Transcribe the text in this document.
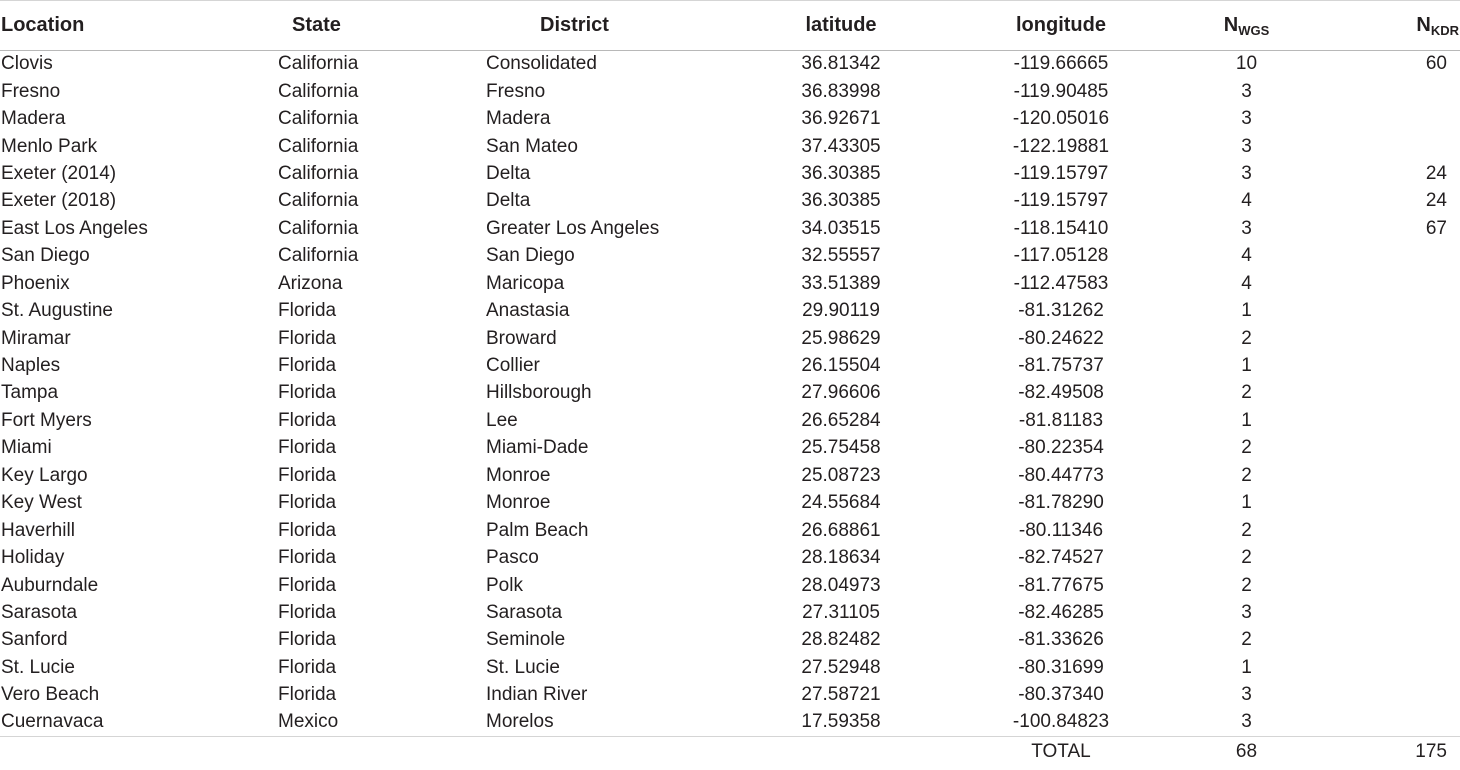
Location	State	District	latitude	longitude	$N_{WGS}$	$N_{KDR}$
Clovis	California	Consolidated	36.81342	-119.66665	10	60
Fresno	California	Fresno	36.83998	-119.90485	3	
Madera	California	Madera	36.92671	-120.05016	3	
Menlo Park	California	San Mateo	37.43305	-122.19881	3	
Exeter (2014)	California	Delta	36.30385	-119.15797	3	24
Exeter (2018)	California	Delta	36.30385	-119.15797	4	24
East Los Angeles	California	Greater Los Angeles	34.03515	-118.15410	3	67
San Diego	California	San Diego	32.55557	-117.05128	4	
Phoenix	Arizona	Maricopa	33.51389	-112.47583	4	
St. Augustine	Florida	Anastasia	29.90119	-81.31262	1	
Miramar	Florida	Broward	25.98629	-80.24622	2	
Naples	Florida	Collier	26.15504	-81.75737	1	
Tampa	Florida	Hillsborough	27.96606	-82.49508	2	
Fort Myers	Florida	Lee	26.65284	-81.81183	1	
Miami	Florida	Miami-Dade	25.75458	-80.22354	2	
Key Largo	Florida	Monroe	25.08723	-80.44773	2	
Key West	Florida	Monroe	24.55684	-81.78290	1	
Haverhill	Florida	Palm Beach	26.68861	-80.11346	2	
Holiday	Florida	Pasco	28.18634	-82.74527	2	
Auburndale	Florida	Polk	28.04973	-81.77675	2	
Sarasota	Florida	Sarasota	27.31105	-82.46285	3	
Sanford	Florida	Seminole	28.82482	-81.33626	2	
St. Lucie	Florida	St. Lucie	27.52948	-80.31699	1	
Vero Beach	Florida	Indian River	27.58721	-80.37340	3	
Cuernavaca	Mexico	Morelos	17.59358	-100.84823	3	
				TOTAL	68	175
